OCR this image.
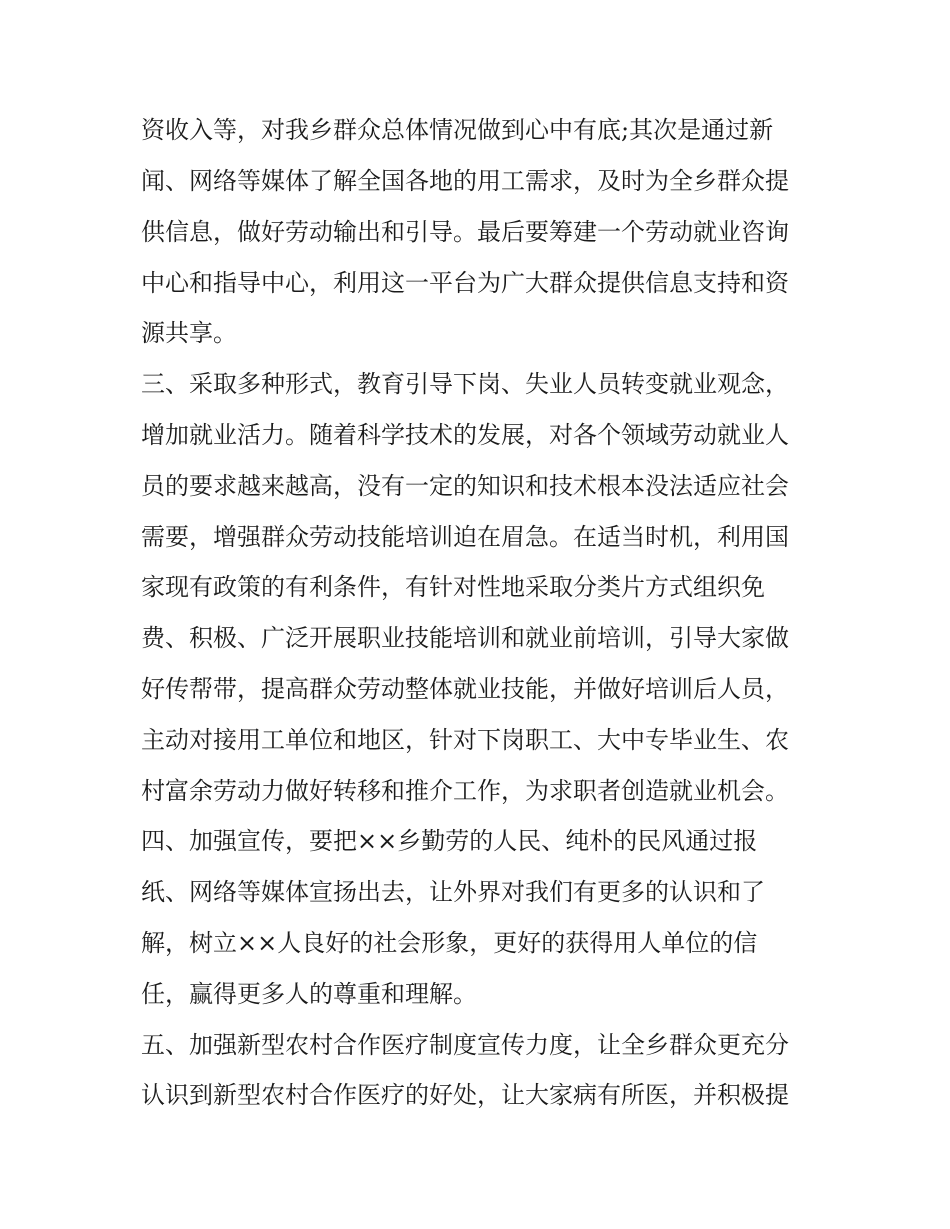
资收入等，对我乡群众总体情况做到心中有底;其次是通过新
闻、网络等媒体了解全国各地的用工需求，及时为全乡群众提
供信息，做好劳动输出和引导。最后要筹建一个劳动就业咨询
中心和指导中心，利用这一平台为广大群众提供信息支持和资
源共享。
三、采取多种形式，教育引导下岗、失业人员转变就业观念，
增加就业活力。随着科学技术的发展，对各个领域劳动就业人
员的要求越来越高，没有一定的知识和技术根本没法适应社会
需要，增强群众劳动技能培训迫在眉急。在适当时机，利用国
家现有政策的有利条件，有针对性地采取分类片方式组织免
费、积极、广泛开展职业技能培训和就业前培训，引导大家做
好传帮带，提高群众劳动整体就业技能，并做好培训后人员，
主动对接用工单位和地区，针对下岗职工、大中专毕业生、农
村富余劳动力做好转移和推介工作，为求职者创造就业机会。
四、加强宣传，要把××乡勤劳的人民、纯朴的民风通过报
纸、网络等媒体宣扬出去，让外界对我们有更多的认识和了
解，树立××人良好的社会形象，更好的获得用人单位的信
任，赢得更多人的尊重和理解。
五、加强新型农村合作医疗制度宣传力度，让全乡群众更充分
认识到新型农村合作医疗的好处，让大家病有所医，并积极提
